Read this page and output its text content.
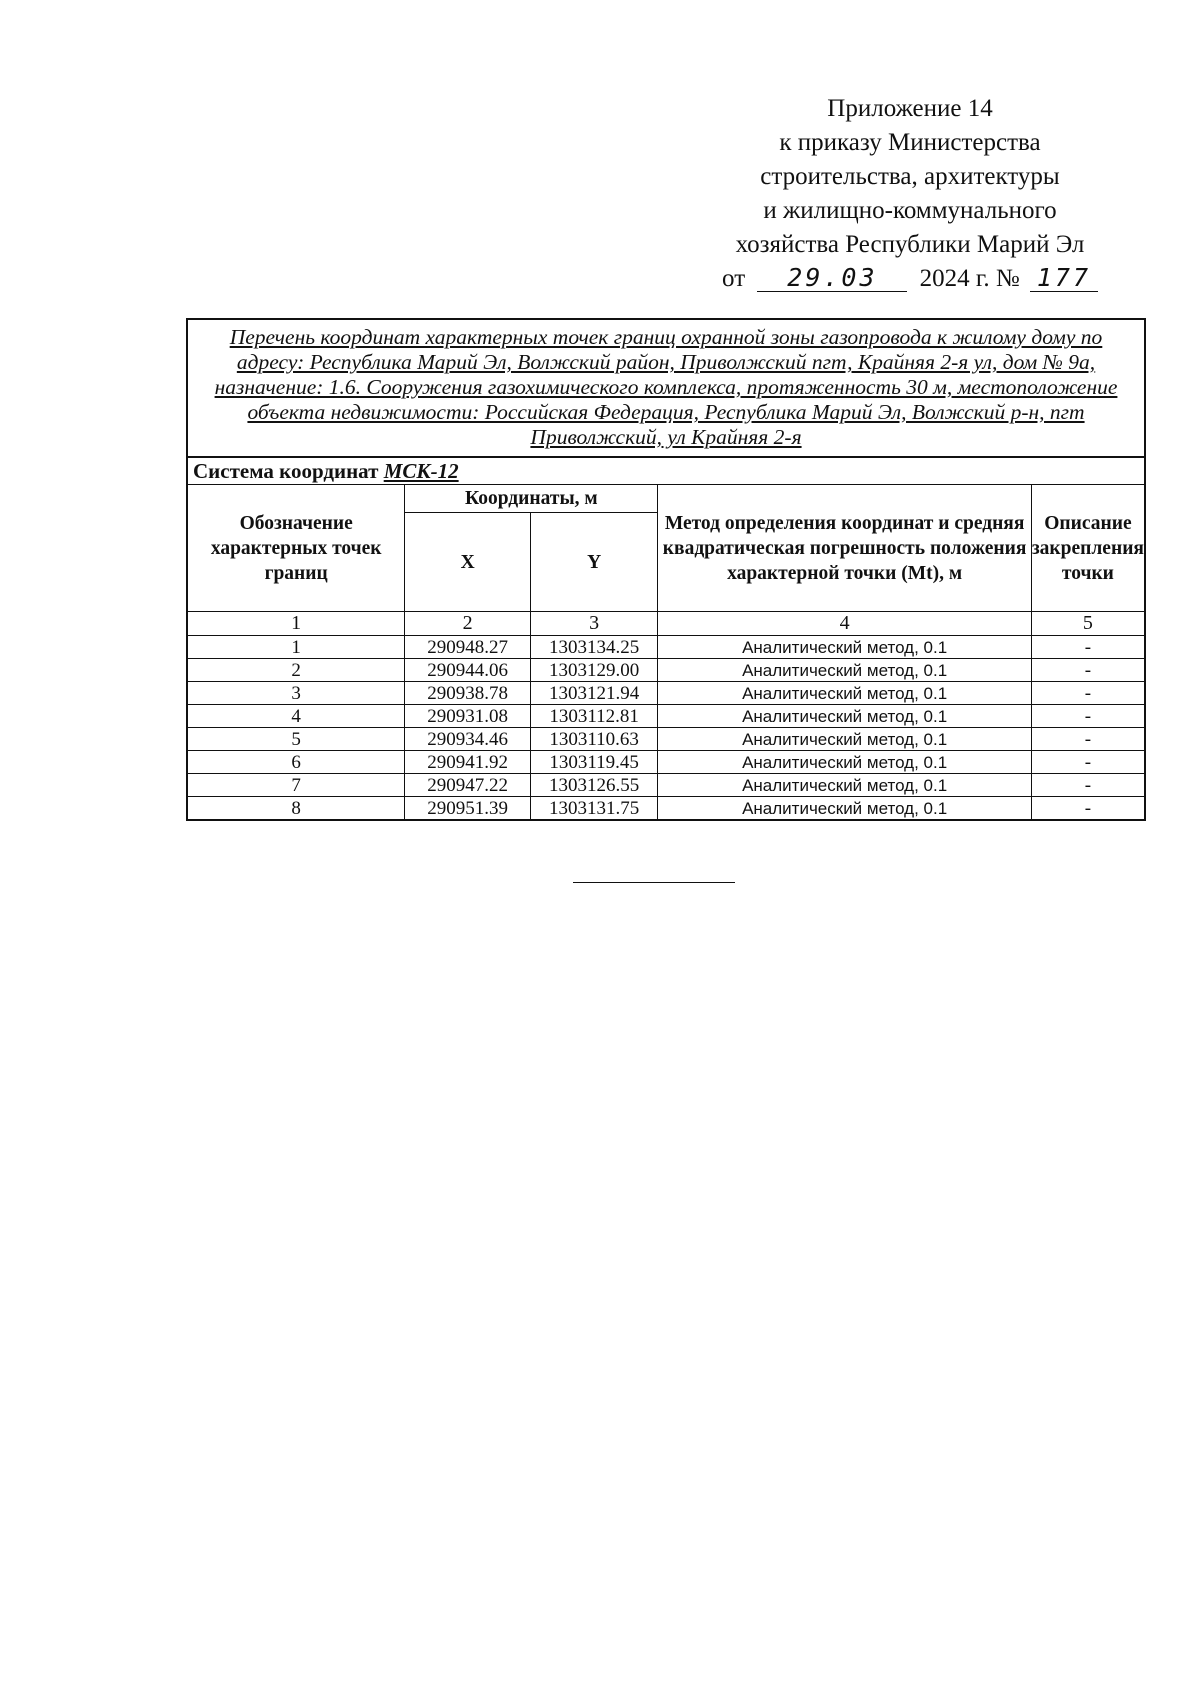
Приложение 14
к приказу Министерства
строительства, архитектуры
и жилищно-коммунального
хозяйства Республики Марий Эл
от 29.03 2024 г. № 177
Перечень координат характерных точек границ охранной зоны газопровода к жилому дому по адресу: Республика Марий Эл, Волжский район, Приволжский пгт, Крайняя 2-я ул, дом № 9а, назначение: 1.6. Сооружения газохимического комплекса, протяженность 30 м, местоположение объекта недвижимости: Российская Федерация, Республика Марий Эл, Волжский р-н, пгт Приволжский, ул Крайняя 2-я				
Система координат МСК-12				
Обозначение характерных точек границ	Координаты, м		Метод определения координат и средняя квадратическая погрешность положения характерной точки (Mt), м	Описание закрепления точки
	X	Y		
1	2	3	4	5
1	290948.27	1303134.25	Аналитический метод, 0.1	-
2	290944.06	1303129.00	Аналитический метод, 0.1	-
3	290938.78	1303121.94	Аналитический метод, 0.1	-
4	290931.08	1303112.81	Аналитический метод, 0.1	-
5	290934.46	1303110.63	Аналитический метод, 0.1	-
6	290941.92	1303119.45	Аналитический метод, 0.1	-
7	290947.22	1303126.55	Аналитический метод, 0.1	-
8	290951.39	1303131.75	Аналитический метод, 0.1	-
